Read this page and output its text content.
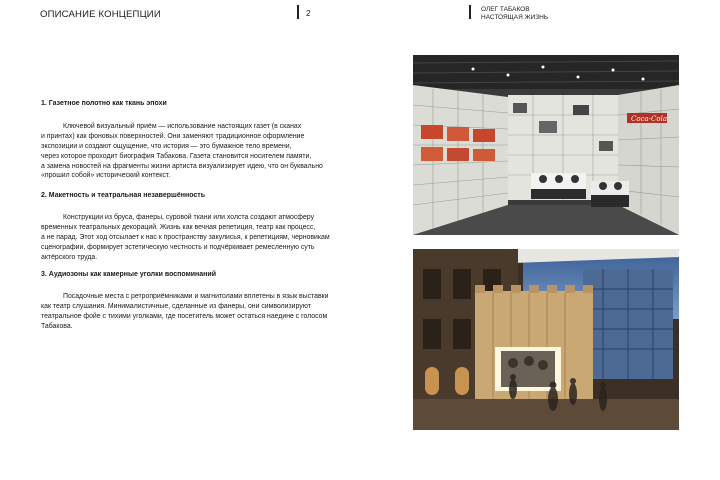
ОПИСАНИЕ КОНЦЕПЦИИ	2	ОЛЕГ ТАБАКОВ
НАСТОЯЩАЯ ЖИЗНЬ

1. Газетное полотно как ткань эпохи

Ключевой визуальный приём — использование настоящих газет (в сканах
и принтах) как фоновых поверхностей. Они заменяют традиционное оформление
экспозиции и создают ощущение, что история — это бумажное тело времени,
через которое проходит биография Табакова. Газета становится носителем памяти,
а замена новостей на фрагменты жизни артиста визуализирует идею, что он буквально
«прошил собой» исторический контекст.

2. Макетность и театральная незавершённость

Конструкции из бруса, фанеры, суровой ткани или холста создают атмосферу
временных театральных декораций. Жизнь как вечная репетиция, театр как процесс,
а не парад. Этот ход отсылает к нас к пространству закулисья, к репетициям, черновикам
сценографии, формирует эстетическую честность и подчёркивает ремесленную суть
актёрского труда.

3. Аудиозоны как камерные уголки воспоминаний

Посадочные места с ретроприёмниками и магнитолами вплетены в язык выставки
как театр слушания. Минималистичные, сделанные из фанеры, они символизируют
театральное фойе с тихими уголками, где посетитель может остаться наедине с голосом
Табакова.

Coca-Cola
